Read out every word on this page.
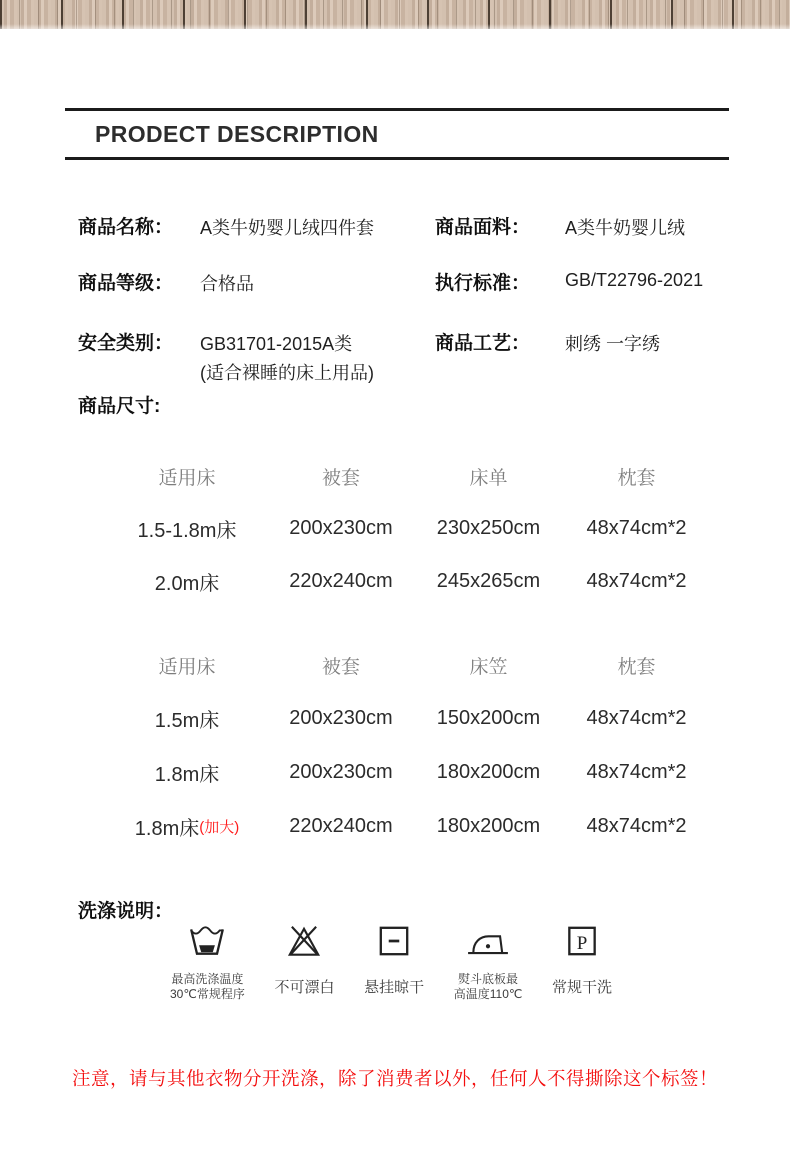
PRODECT DESCRIPTION
商品名称： A类牛奶婴儿绒四件套	商品面料： A类牛奶婴儿绒
商品等级： 合格品	执行标准： GB/T22796-2021
安全类别： GB31701-2015A类
(适合裸睡的床上用品)
商品工艺： 刺绣 一字绣
商品尺寸:
适用床	被套	床单	枕套
1.5-1.8m床	200x230cm	230x250cm	48x74cm*2
2.0m床	220x240cm	245x265cm	48x74cm*2
适用床	被套	床笠	枕套
1.5m床	200x230cm	150x200cm	48x74cm*2
1.8m床	200x230cm	180x200cm	48x74cm*2
1.8m床 (加大)	220x240cm	180x200cm	48x74cm*2
洗涤说明：
最高洗涤温度
30℃常规程序 不可漂白 悬挂晾干	熨斗底板最
高温度110℃
P
常规干洗
注意，请与其他衣物分开洗涤，除了消费者以外，任何人不得撕除这个标签！
